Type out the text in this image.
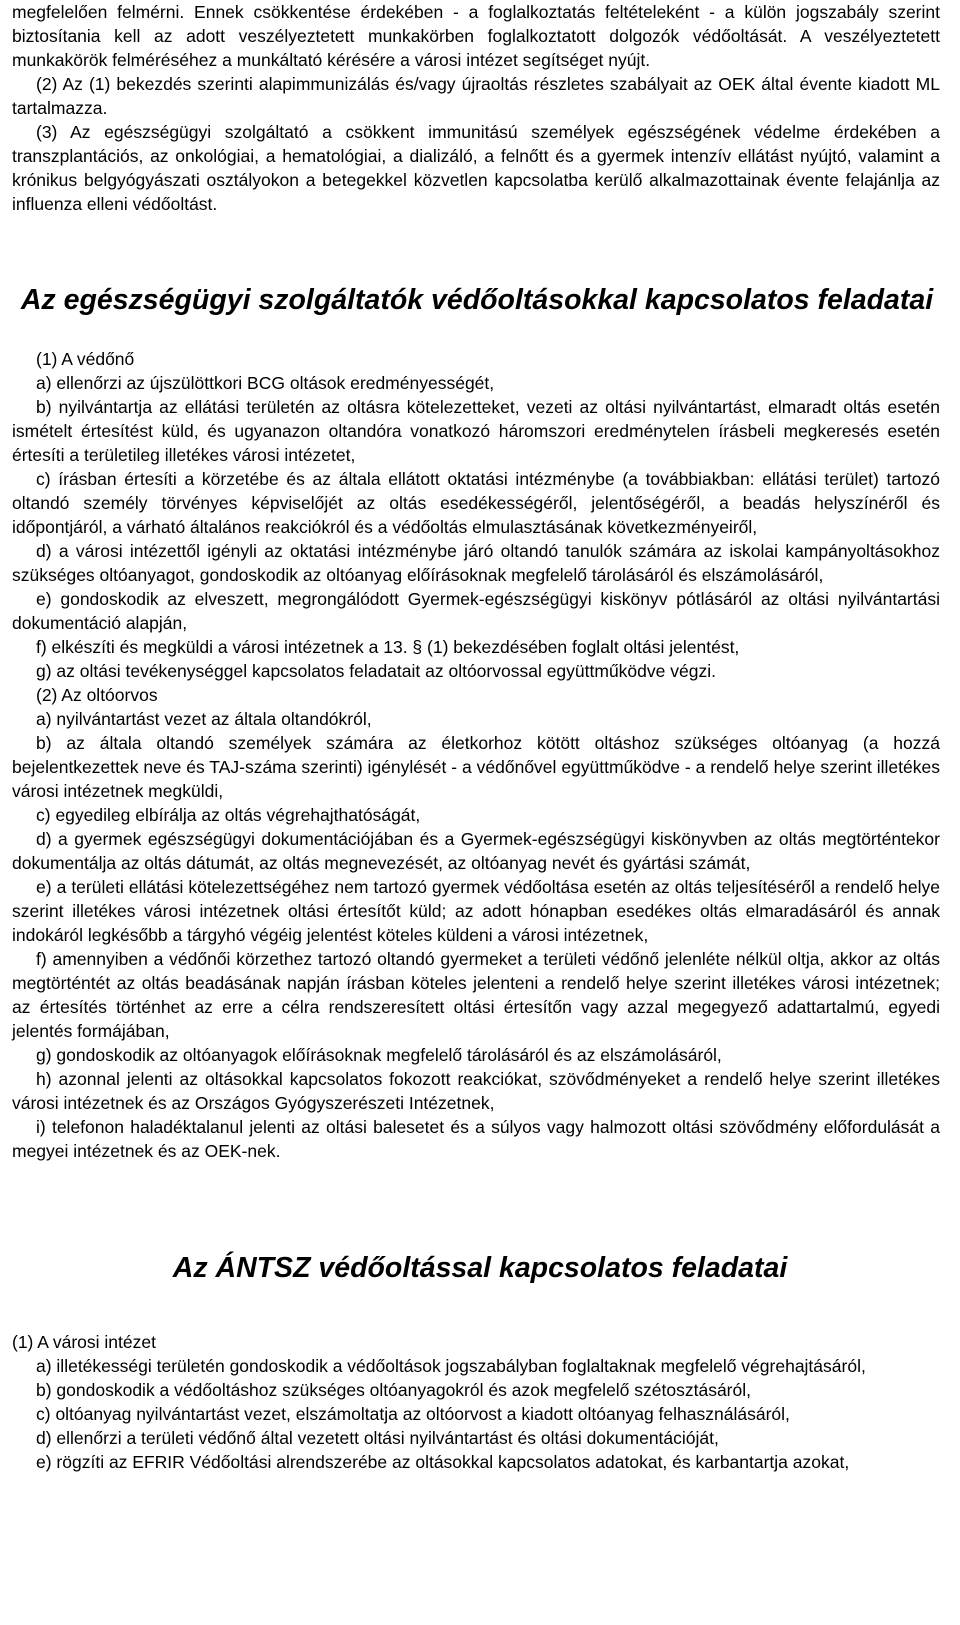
megfelelően felmérni. Ennek csökkentése érdekében - a foglalkoztatás feltételeként - a külön jogszabály szerint biztosítania kell az adott veszélyeztetett munkakörben foglalkoztatott dolgozók védőoltását. A veszélyeztetett munkakörök felméréséhez a munkáltató kérésére a városi intézet segítséget nyújt.

(2) Az (1) bekezdés szerinti alapimmunizálás és/vagy újraoltás részletes szabályait az OEK által évente kiadott ML tartalmazza.

(3) Az egészségügyi szolgáltató a csökkent immunitású személyek egészségének védelme érdekében a transzplantációs, az onkológiai, a hematológiai, a dializáló, a felnőtt és a gyermek intenzív ellátást nyújtó, valamint a krónikus belgyógyászati osztályokon a betegekkel közvetlen kapcsolatba kerülő alkalmazottainak évente felajánlja az influenza elleni védőoltást.

Az egészségügyi szolgáltatók védőoltásokkal kapcsolatos feladatai

(1) A védőnő

a) ellenőrzi az újszülöttkori BCG oltások eredményességét,

b) nyilvántartja az ellátási területén az oltásra kötelezetteket, vezeti az oltási nyilvántartást, elmaradt oltás esetén ismételt értesítést küld, és ugyanazon oltandóra vonatkozó háromszori eredménytelen írásbeli megkeresés esetén értesíti a területileg illetékes városi intézetet,

c) írásban értesíti a körzetébe és az általa ellátott oktatási intézménybe (a továbbiakban: ellátási terület) tartozó oltandó személy törvényes képviselőjét az oltás esedékességéről, jelentőségéről, a beadás helyszínéről és időpontjáról, a várható általános reakciókról és a védőoltás elmulasztásának következményeiről,

d) a városi intézettől igényli az oktatási intézménybe járó oltandó tanulók számára az iskolai kampányoltásokhoz szükséges oltóanyagot, gondoskodik az oltóanyag előírásoknak megfelelő tárolásáról és elszámolásáról,

e) gondoskodik az elveszett, megrongálódott Gyermek-egészségügyi kiskönyv pótlásáról az oltási nyilvántartási dokumentáció alapján,

f) elkészíti és megküldi a városi intézetnek a 13. § (1) bekezdésében foglalt oltási jelentést,

g) az oltási tevékenységgel kapcsolatos feladatait az oltóorvossal együttműködve végzi.

(2) Az oltóorvos

a) nyilvántartást vezet az általa oltandókról,

b) az általa oltandó személyek számára az életkorhoz kötött oltáshoz szükséges oltóanyag (a hozzá bejelentkezettek neve és TAJ-száma szerinti) igénylését - a védőnővel együttműködve - a rendelő helye szerint illetékes városi intézetnek megküldi,

c) egyedileg elbírálja az oltás végrehajthatóságát,

d) a gyermek egészségügyi dokumentációjában és a Gyermek-egészségügyi kiskönyvben az oltás megtörténtekor dokumentálja az oltás dátumát, az oltás megnevezését, az oltóanyag nevét és gyártási számát,

e) a területi ellátási kötelezettségéhez nem tartozó gyermek védőoltása esetén az oltás teljesítéséről a rendelő helye szerint illetékes városi intézetnek oltási értesítőt küld; az adott hónapban esedékes oltás elmaradásáról és annak indokáról legkésőbb a tárgyhó végéig jelentést köteles küldeni a városi intézetnek,

f) amennyiben a védőnői körzethez tartozó oltandó gyermeket a területi védőnő jelenléte nélkül oltja, akkor az oltás megtörténtét az oltás beadásának napján írásban köteles jelenteni a rendelő helye szerint illetékes városi intézetnek; az értesítés történhet az erre a célra rendszeresített oltási értesítőn vagy azzal megegyező adattartalmú, egyedi jelentés formájában,

g) gondoskodik az oltóanyagok előírásoknak megfelelő tárolásáról és az elszámolásáról,

h) azonnal jelenti az oltásokkal kapcsolatos fokozott reakciókat, szövődményeket a rendelő helye szerint illetékes városi intézetnek és az Országos Gyógyszerészeti Intézetnek,

i) telefonon haladéktalanul jelenti az oltási balesetet és a súlyos vagy halmozott oltási szövődmény előfordulását a megyei intézetnek és az OEK-nek.

Az ÁNTSZ védőoltással kapcsolatos feladatai

(1) A városi intézet

a) illetékességi területén gondoskodik a védőoltások jogszabályban foglaltaknak megfelelő végrehajtásáról,

b) gondoskodik a védőoltáshoz szükséges oltóanyagokról és azok megfelelő szétosztásáról,

c) oltóanyag nyilvántartást vezet, elszámoltatja az oltóorvost a kiadott oltóanyag felhasználásáról,

d) ellenőrzi a területi védőnő által vezetett oltási nyilvántartást és oltási dokumentációját,

e) rögzíti az EFRIR Védőoltási alrendszerébe az oltásokkal kapcsolatos adatokat, és karbantartja azokat,
